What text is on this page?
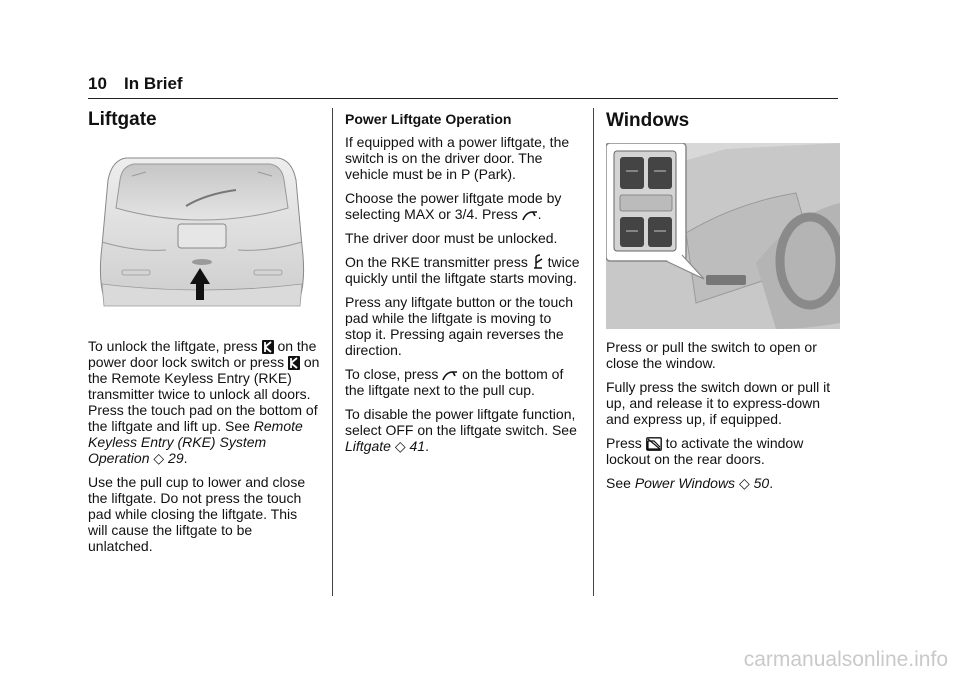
10 In Brief
Liftgate

To unlock the liftgate, press on the power door lock switch or press on the Remote Keyless Entry (RKE) transmitter twice to unlock all doors. Press the touch pad on the bottom of the liftgate and lift up. See Remote Keyless Entry (RKE) System Operation ◇ 29.

Use the pull cup to lower and close the liftgate. Do not press the touch pad while closing the liftgate. This will cause the liftgate to be unlatched.

Power Liftgate Operation

If equipped with a power liftgate, the switch is on the driver door. The vehicle must be in P (Park).

Choose the power liftgate mode by selecting MAX or 3/4. Press .

The driver door must be unlocked.

On the RKE transmitter press twice quickly until the liftgate starts moving.

Press any liftgate button or the touch pad while the liftgate is moving to stop it. Pressing again reverses the direction.

To close, press on the bottom of the liftgate next to the pull cup.

To disable the power liftgate function, select OFF on the liftgate switch. See Liftgate ◇ 41.

Windows

Press or pull the switch to open or close the window.

Fully press the switch down or pull it up, and release it to express-down and express up, if equipped.

Press to activate the window lockout on the rear doors.

See Power Windows ◇ 50.

carmanualsonline.info
